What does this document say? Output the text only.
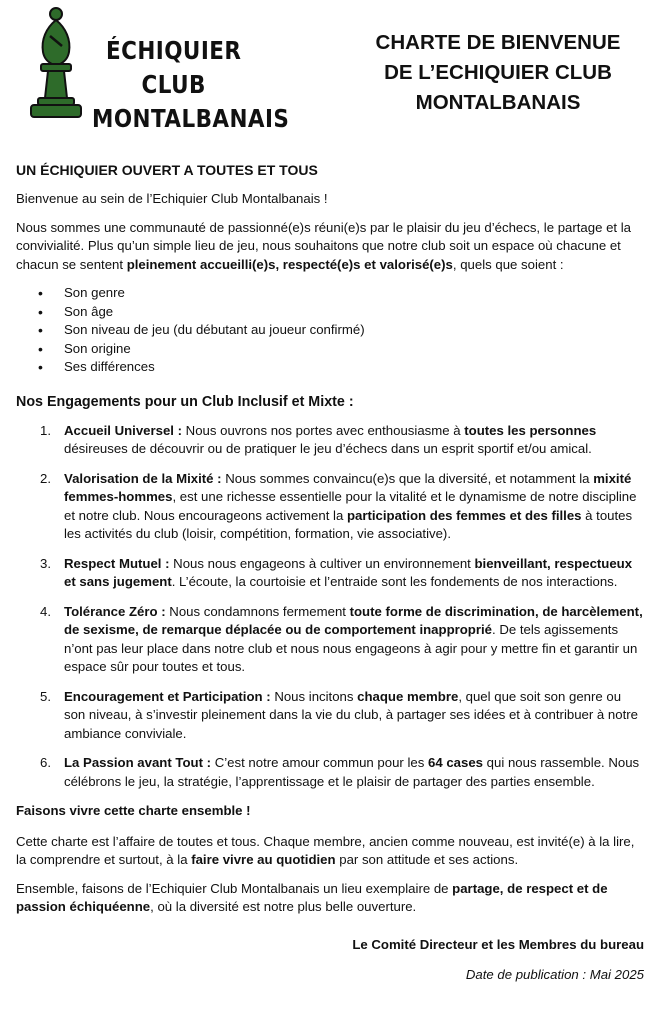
ÉCHIQUIER CLUB
MONTALBANAIS
CHARTE DE BIENVENUE
DE L’ECHIQUIER CLUB
MONTALBANAIS
UN ÉCHIQUIER OUVERT A TOUTES ET TOUS

Bienvenue au sein de l’Echiquier Club Montalbanais !

Nous sommes une communauté de passionné(e)s réuni(e)s par le plaisir du jeu d’échecs, le partage et la convivialité. Plus qu’un simple lieu de jeu, nous souhaitons que notre club soit un espace où chacune et chacun se sentent pleinement accueilli(e)s, respecté(e)s et valorisé(e)s, quels que soient :

• Son genre
• Son âge
• Son niveau de jeu (du débutant au joueur confirmé)
• Son origine
• Ses différences
Nos Engagements pour un Club Inclusif et Mixte :
1. Accueil Universel : Nous ouvrons nos portes avec enthousiasme à toutes les personnes désireuses de découvrir ou de pratiquer le jeu d’échecs dans un esprit sportif et/ou amical.
2. Valorisation de la Mixité : Nous sommes convaincu(e)s que la diversité, et notamment la mixité femmes-hommes, est une richesse essentielle pour la vitalité et le dynamisme de notre discipline et notre club. Nous encourageons activement la participation des femmes et des filles à toutes les activités du club (loisir, compétition, formation, vie associative).
3. Respect Mutuel : Nous nous engageons à cultiver un environnement bienveillant, respectueux et sans jugement. L’écoute, la courtoisie et l’entraide sont les fondements de nos interactions.
4. Tolérance Zéro : Nous condamnons fermement toute forme de discrimination, de harcèlement, de sexisme, de remarque déplacée ou de comportement inapproprié. De tels agissements n’ont pas leur place dans notre club et nous nous engageons à agir pour y mettre fin et garantir un espace sûr pour toutes et tous.
5. Encouragement et Participation : Nous incitons chaque membre, quel que soit son genre ou son niveau, à s’investir pleinement dans la vie du club, à partager ses idées et à contribuer à notre ambiance conviviale.
6. La Passion avant Tout : C’est notre amour commun pour les 64 cases qui nous rassemble. Nous célébrons le jeu, la stratégie, l’apprentissage et le plaisir de partager des parties ensemble.

Faisons vivre cette charte ensemble !

Cette charte est l’affaire de toutes et tous. Chaque membre, ancien comme nouveau, est invité(e) à la lire, la comprendre et surtout, à la faire vivre au quotidien par son attitude et ses actions.

Ensemble, faisons de l’Echiquier Club Montalbanais un lieu exemplaire de partage, de respect et de passion échiquéenne, où la diversité est notre plus belle ouverture.

Le Comité Directeur et les Membres du bureau
Date de publication : Mai 2025
